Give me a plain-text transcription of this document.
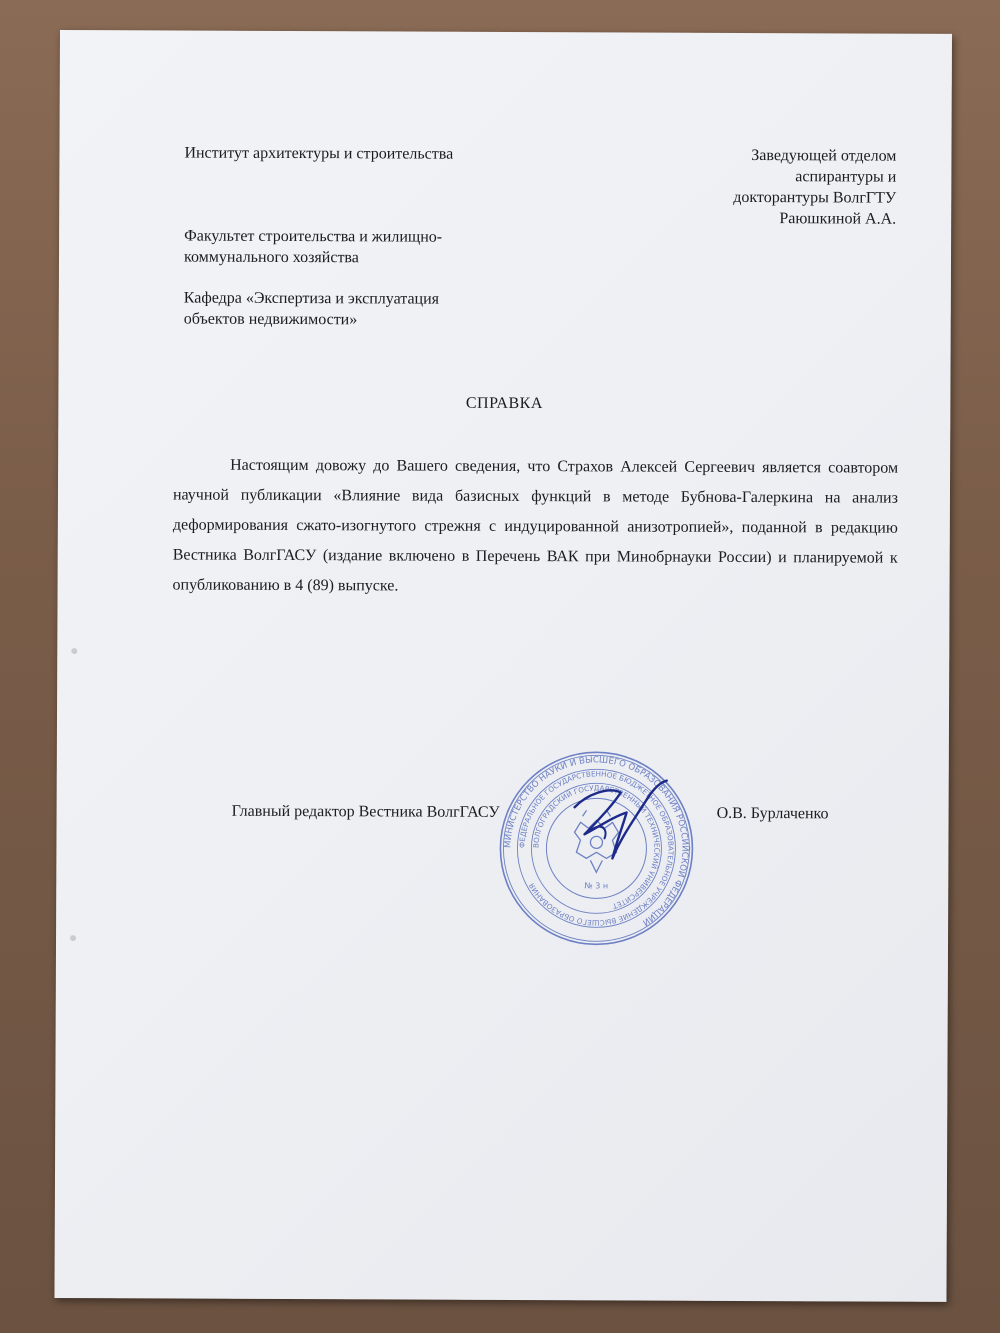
Институт архитектуры и строительства
Факультет строительства и жилищно-
коммунального хозяйства
Кафедра «Экспертиза и эксплуатация
объектов недвижимости»
Заведующей отделом
аспирантуры и
докторантуры ВолгГТУ
Раюшкиной А.А.
СПРАВКА
Настоящим довожу до Вашего сведения, что Страхов Алексей Сергеевич является соавтором научной публикации «Влияние вида базисных функций в методе Бубнова-Галеркина на анализ деформирования сжато-изогнутого стрежня с индуцированной анизотропией», поданной в редакцию Вестника ВолгГАСУ (издание включено в Перечень ВАК при Минобрнауки России) и планируемой к опубликованию в 4 (89) выпуске.
Главный редактор Вестника ВолгГАСУ	О.В. Бурлаченко
МИНИСТЕРСТВО НАУКИ И ВЫСШЕГО ОБРАЗОВАНИЯ РОССИЙСКОЙ ФЕДЕРАЦИИ
ФЕДЕРАЛЬНОЕ ГОСУДАРСТВЕННОЕ БЮДЖЕТНОЕ ОБРАЗОВАТЕЛЬНОЕ УЧРЕЖДЕНИЕ ВЫСШЕГО ОБРАЗОВАНИЯ
ВОЛГОГРАДСКИЙ ГОСУДАРСТВЕННЫЙ ТЕХНИЧЕСКИЙ УНИВЕРСИТЕТ
№ 3 н
